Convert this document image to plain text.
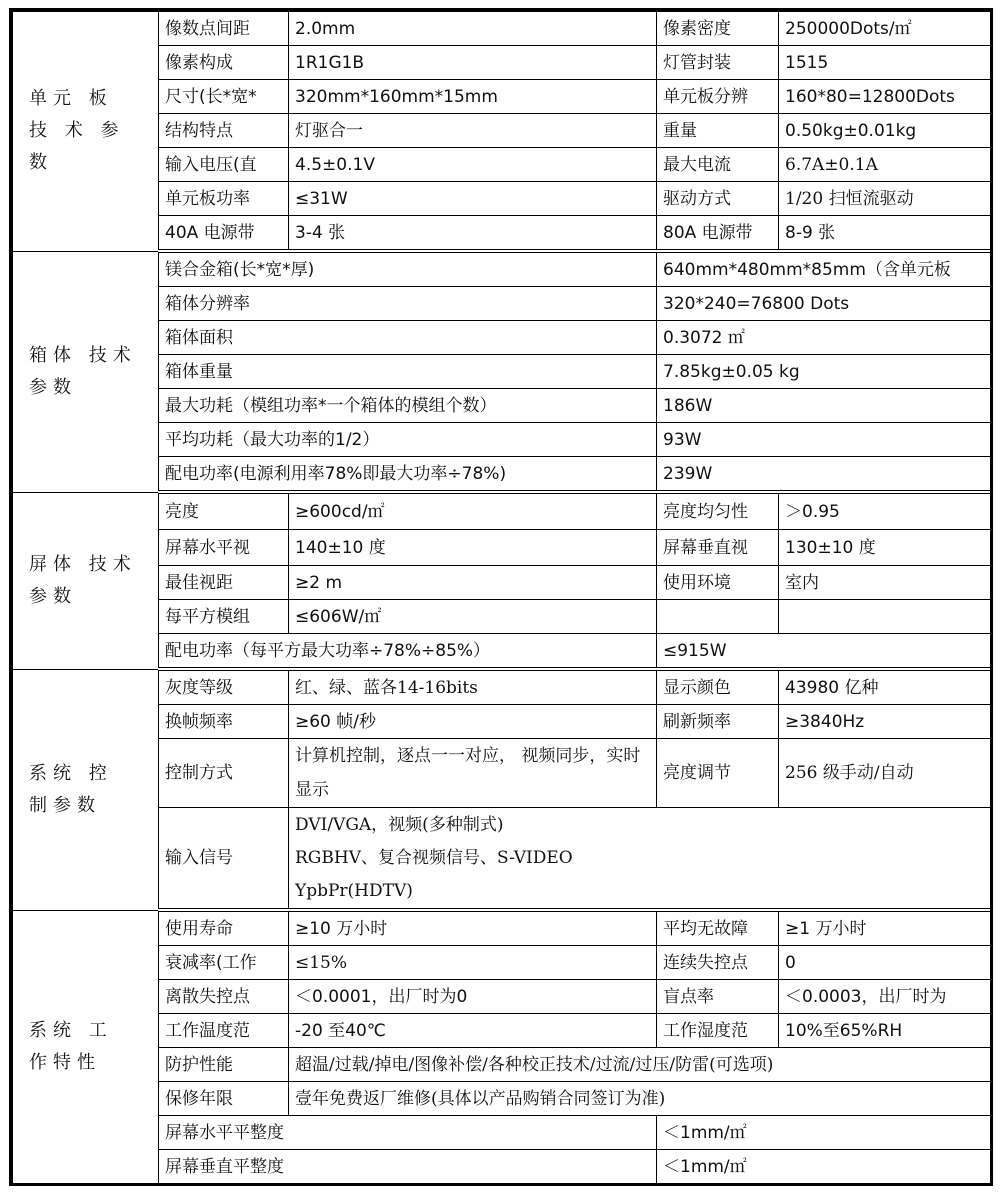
单元 板 技 术 参数	像数点间距	2.0mm	像素密度	250000Dots/㎡
	像素构成	1R1G1B	灯管封装	1515
	尺寸(长*宽*	320mm*160mm*15mm	单元板分辨	160*80=12800Dots
	结构特点	灯驱合一	重量	0.50kg±0.01kg
	输入电压(直	4.5±0.1V	最大电流	6.7A±0.1A
	单元板功率	≤31W	驱动方式	1/20 扫恒流驱动
	40A 电源带	3-4 张	80A 电源带	8-9 张
箱体 技术 参数	镁合金箱(长*宽*厚)		640mm*480mm*85mm（含单元板	
	箱体分辨率		320*240=76800 Dots	
	箱体面积		0.3072 ㎡	
	箱体重量		7.85kg±0.05 kg	
	最大功耗（模组功率*一个箱体的模组个数）		186W	
	平均功耗（最大功率的1/2）		93W	
	配电功率(电源利用率78%即最大功率÷78%)		239W	
屏体 技术 参数	亮度	≥600cd/㎡	亮度均匀性	＞0.95
	屏幕水平视	140±10 度	屏幕垂直视	130±10 度
	最佳视距	≥2 m	使用环境	室内
	每平方模组	≤606W/㎡		
	配电功率（每平方最大功率÷78%÷85%）		≤915W	
系统 控 制参数	灰度等级	红、绿、蓝各14-16bits	显示颜色	43980 亿种
	换帧频率	≥60 帧/秒	刷新频率	≥3840Hz
	控制方式	计算机控制，逐点一一对应， 视频同步，实时显示	亮度调节	256 级手动/自动
	输入信号	DVI/VGA，视频(多种制式)
RGBHV、复合视频信号、S-VIDEO
YpbPr(HDTV)		

系统 工 作特性	使用寿命	≥10 万小时	平均无故障	≥1 万小时
	衰减率(工作	≤15%	连续失控点	0
	离散失控点	＜0.0001，出厂时为0	盲点率	＜0.0003，出厂时为
	工作温度范	-20 至40℃	工作湿度范	10%至65%RH
	防护性能	超温/过载/掉电/图像补偿/各种校正技术/过流/过压/防雷(可选项)		
	保修年限	壹年免费返厂维修(具体以产品购销合同签订为准)		
	屏幕水平平整度		＜1mm/㎡	
	屏幕垂直平整度		＜1mm/㎡	
